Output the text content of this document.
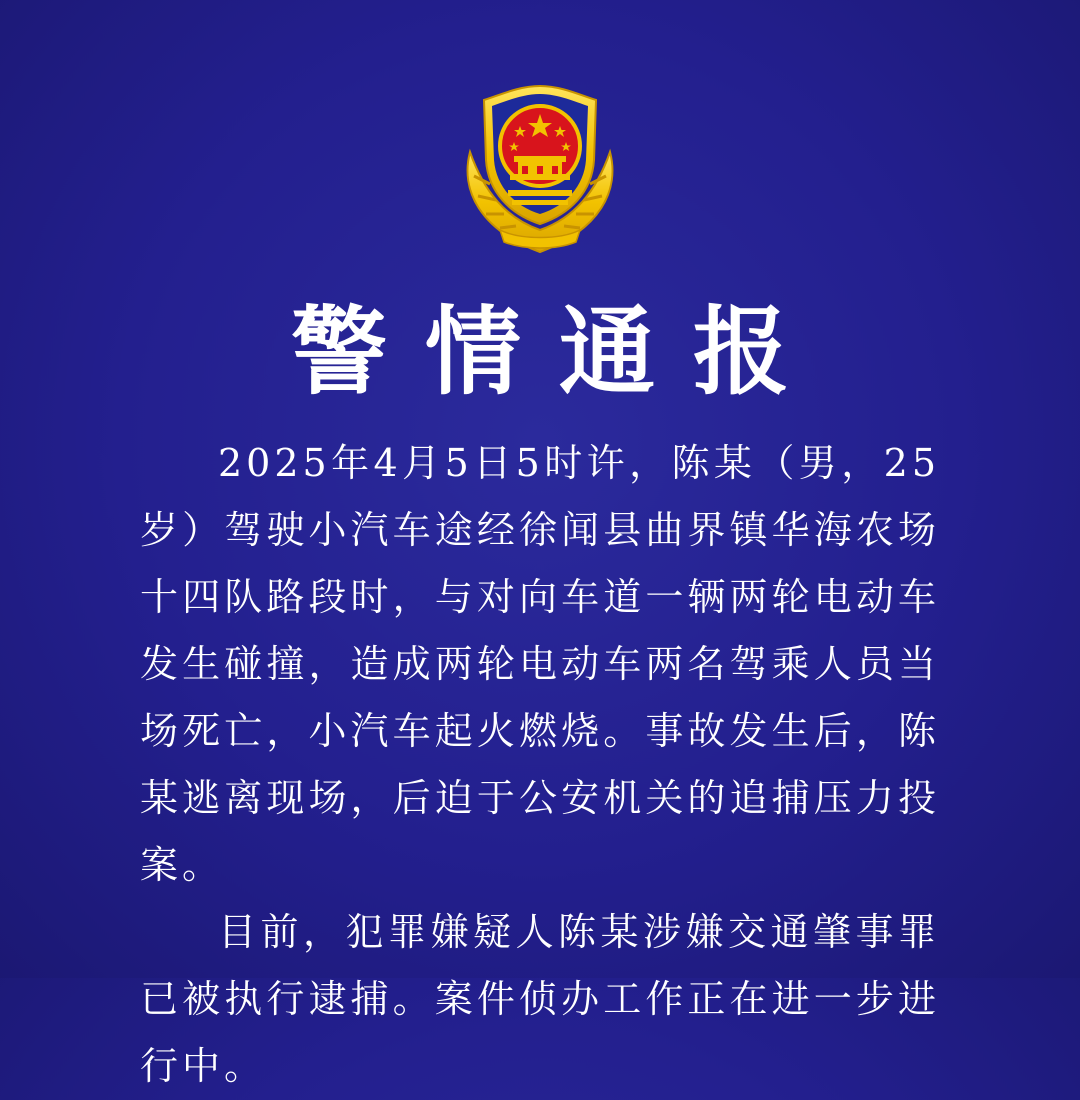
警情通报

2025年4月5日5时许，陈某（男，25岁）驾驶小汽车途经徐闻县曲界镇华海农场十四队路段时，与对向车道一辆两轮电动车发生碰撞，造成两轮电动车两名驾乘人员当场死亡，小汽车起火燃烧。事故发生后，陈某逃离现场，后迫于公安机关的追捕压力投案。

目前，犯罪嫌疑人陈某涉嫌交通肇事罪已被执行逮捕。案件侦办工作正在进一步进行中。
